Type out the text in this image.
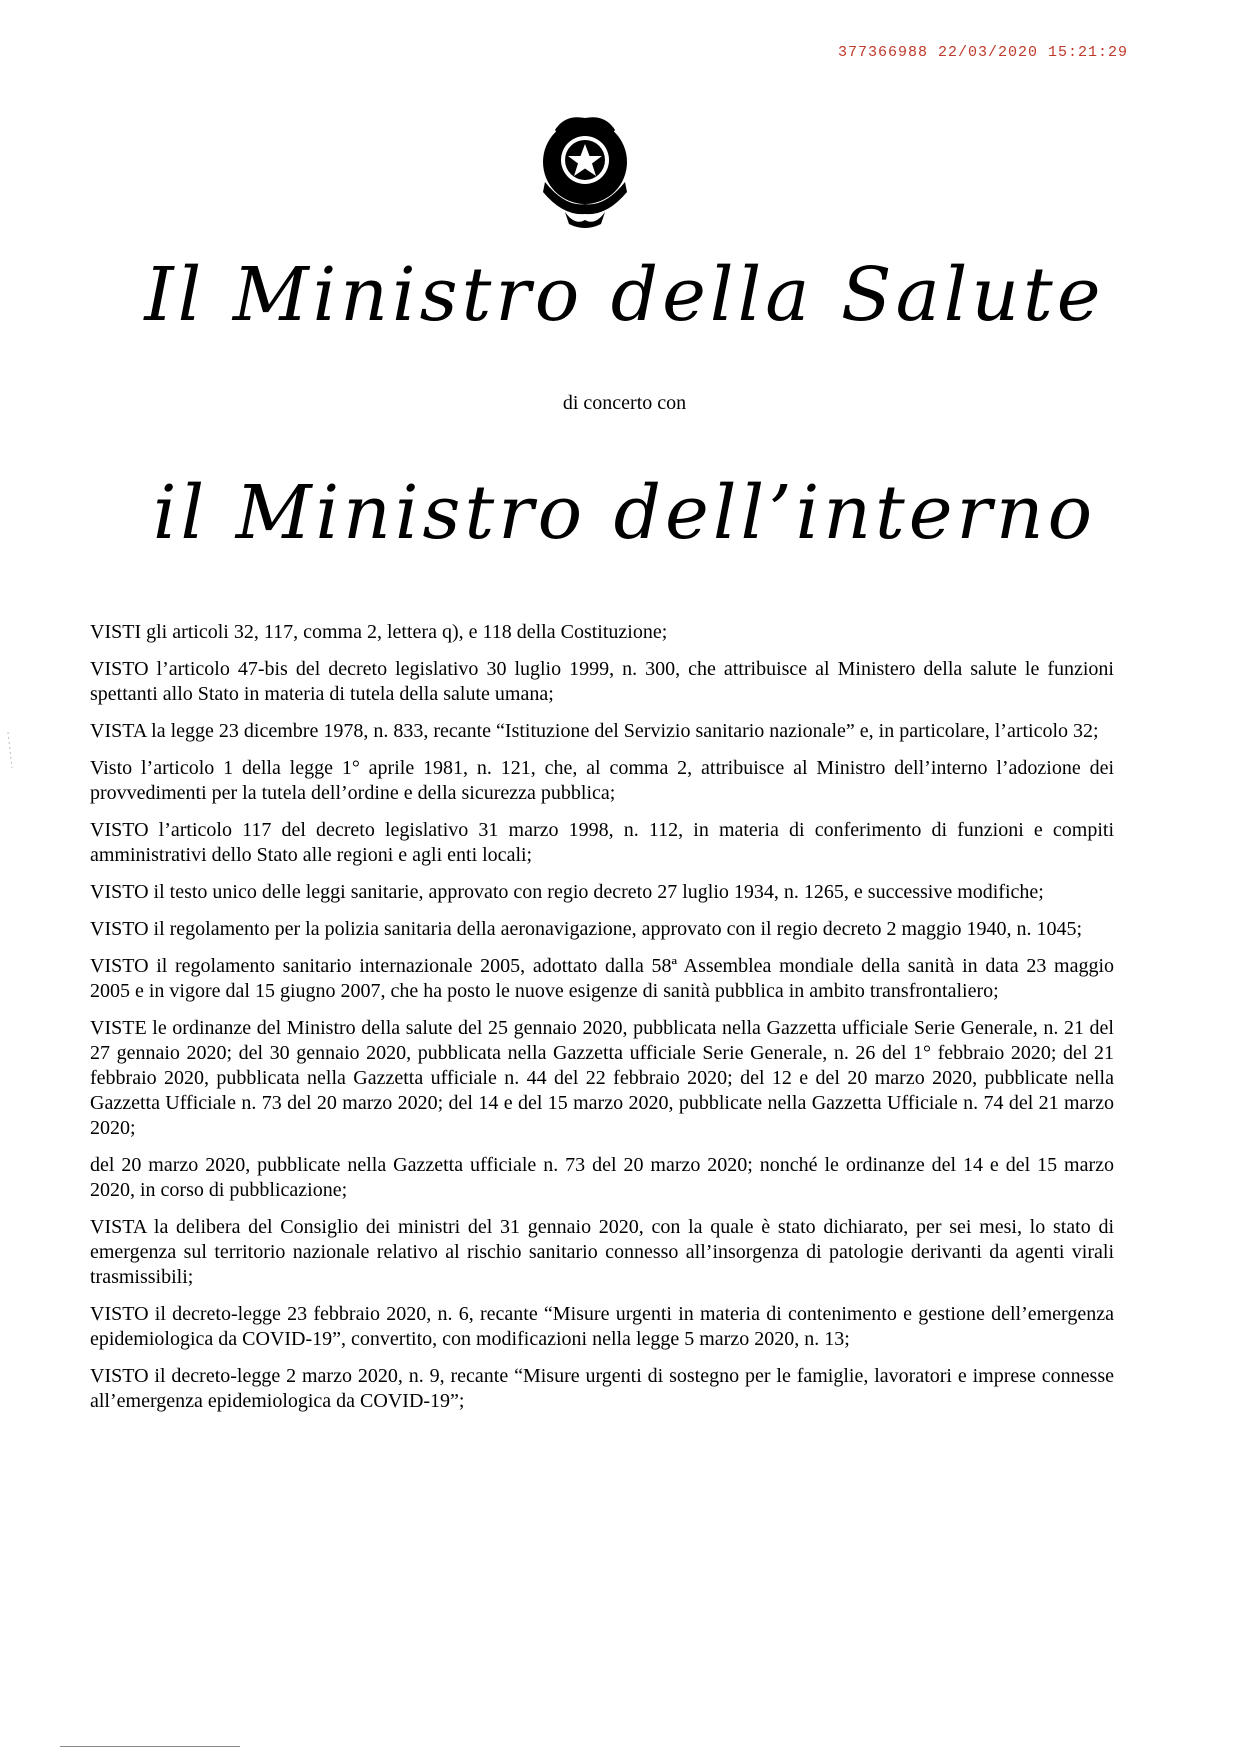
377366988 22/03/2020 15:21:29
Il Ministro della Salute
di concerto con
il Ministro dell’interno

VISTI gli articoli 32, 117, comma 2, lettera q), e 118 della Costituzione;

VISTO l’articolo 47-bis del decreto legislativo 30 luglio 1999, n. 300, che attribuisce al Ministero della salute le funzioni spettanti allo Stato in materia di tutela della salute umana;

VISTA la legge 23 dicembre 1978, n. 833, recante “Istituzione del Servizio sanitario nazionale” e, in particolare, l’articolo 32;

Visto l’articolo 1 della legge 1° aprile 1981, n. 121, che, al comma 2, attribuisce al Ministro dell’interno l’adozione dei provvedimenti per la tutela dell’ordine e della sicurezza pubblica;

VISTO l’articolo 117 del decreto legislativo 31 marzo 1998, n. 112, in materia di conferimento di funzioni e compiti amministrativi dello Stato alle regioni e agli enti locali;

VISTO il testo unico delle leggi sanitarie, approvato con regio decreto 27 luglio 1934, n. 1265, e successive modifiche;

VISTO il regolamento per la polizia sanitaria della aeronavigazione, approvato con il regio decreto 2 maggio 1940, n. 1045;

VISTO il regolamento sanitario internazionale 2005, adottato dalla 58ª Assemblea mondiale della sanità in data 23 maggio 2005 e in vigore dal 15 giugno 2007, che ha posto le nuove esigenze di sanità pubblica in ambito transfrontaliero;

VISTE le ordinanze del Ministro della salute del 25 gennaio 2020, pubblicata nella Gazzetta ufficiale Serie Generale, n. 21 del 27 gennaio 2020; del 30 gennaio 2020, pubblicata nella Gazzetta ufficiale Serie Generale, n. 26 del 1° febbraio 2020; del 21 febbraio 2020, pubblicata nella Gazzetta ufficiale n. 44 del 22 febbraio 2020; del 12 e del 20 marzo 2020, pubblicate nella Gazzetta Ufficiale n. 73 del 20 marzo 2020; del 14 e del 15 marzo 2020, pubblicate nella Gazzetta Ufficiale n. 74 del 21 marzo 2020;

del 20 marzo 2020, pubblicate nella Gazzetta ufficiale n. 73 del 20 marzo 2020; nonché le ordinanze del 14 e del 15 marzo 2020, in corso di pubblicazione;

VISTA la delibera del Consiglio dei ministri del 31 gennaio 2020, con la quale è stato dichiarato, per sei mesi, lo stato di emergenza sul territorio nazionale relativo al rischio sanitario connesso all’insorgenza di patologie derivanti da agenti virali trasmissibili;

VISTO il decreto-legge 23 febbraio 2020, n. 6, recante “Misure urgenti in materia di contenimento e gestione dell’emergenza epidemiologica da COVID-19”, convertito, con modificazioni nella legge 5 marzo 2020, n. 13;

VISTO il decreto-legge 2 marzo 2020, n. 9, recante “Misure urgenti di sostegno per le famiglie, lavoratori e imprese connesse all’emergenza epidemiologica da COVID-19”;
